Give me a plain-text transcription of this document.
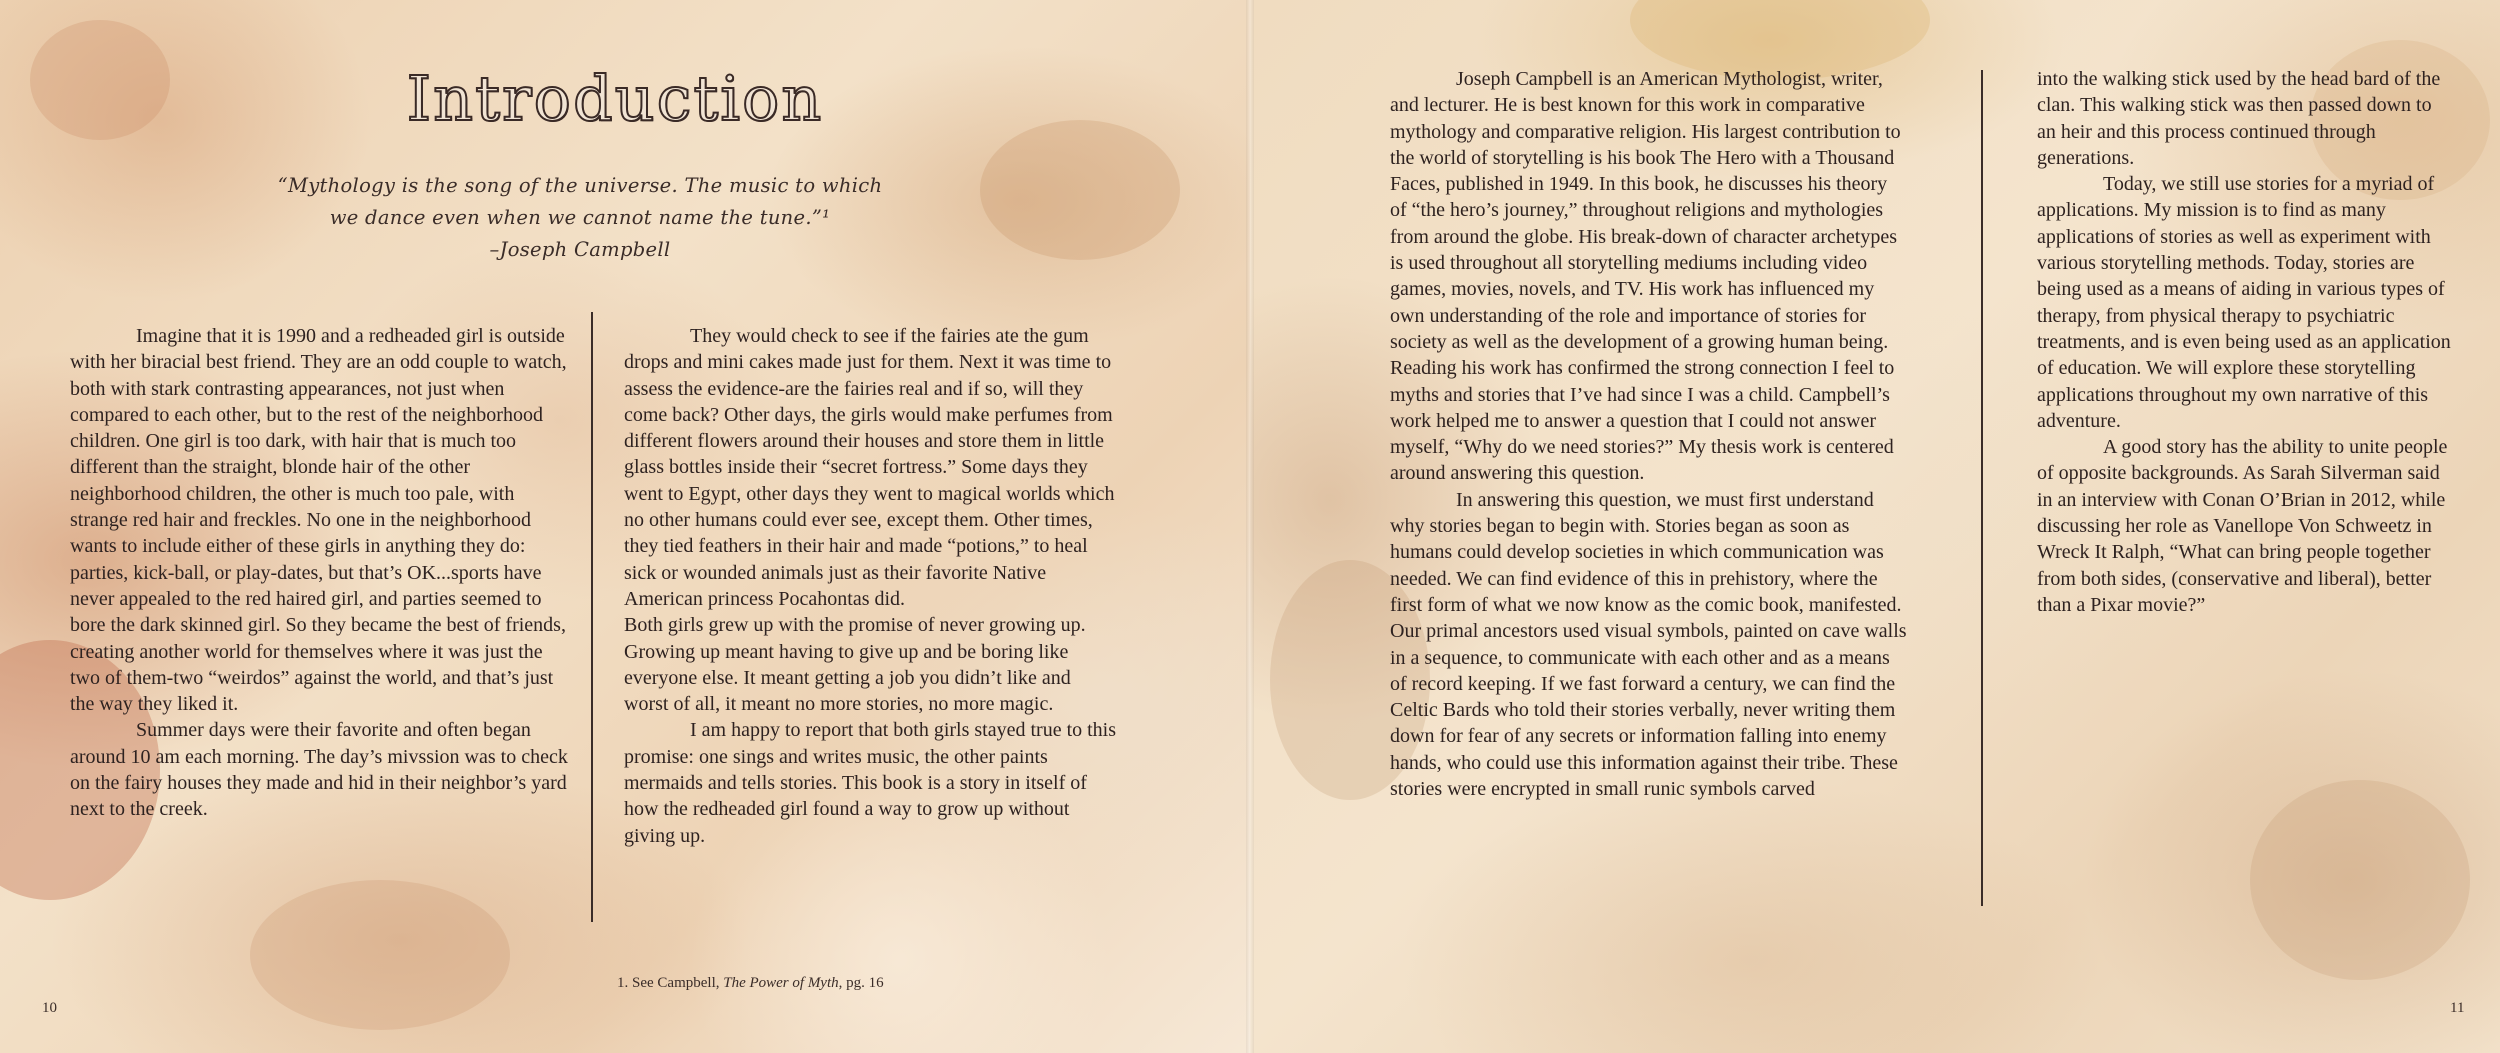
Introduction
“Mythology is the song of the universe. The music to which
we dance even when we cannot name the tune.”¹
–Joseph Campbell

Imagine that it is 1990 and a redheaded girl is outside with her biracial best friend. They are an odd couple to watch, both with stark contrasting appearances, not just when compared to each other, but to the rest of the neighborhood children. One girl is too dark, with hair that is much too different than the straight, blonde hair of the other neighborhood children, the other is much too pale, with strange red hair and freckles. No one in the neighborhood wants to include either of these girls in anything they do: parties, kick-ball, or play-dates, but that’s OK...sports have never appealed to the red haired girl, and parties seemed to bore the dark skinned girl. So they became the best of friends, creating another world for themselves where it was just the two of them-two “weirdos” against the world, and that’s just the way they liked it.

Summer days were their favorite and often began around 10 am each morning. The day’s mivssion was to check on the fairy houses they made and hid in their neighbor’s yard next to the creek.

They would check to see if the fairies ate the gum drops and mini cakes made just for them. Next it was time to assess the evidence-are the fairies real and if so, will they come back? Other days, the girls would make perfumes from different flowers around their houses and store them in little glass bottles inside their “secret fortress.” Some days they went to Egypt, other days they went to magical worlds which no other humans could ever see, except them. Other times, they tied feathers in their hair and made “potions,” to heal sick or wounded animals just as their favorite Native American princess Pocahontas did.

Both girls grew up with the promise of never growing up. Growing up meant having to give up and be boring like everyone else. It meant getting a job you didn’t like and worst of all, it meant no more stories, no more magic.

I am happy to report that both girls stayed true to this promise: one sings and writes music, the other paints mermaids and tells stories. This book is a story in itself of how the redheaded girl found a way to grow up without giving up.

1. See Campbell, The Power of Myth, pg. 16
10

Joseph Campbell is an American Mythologist, writer, and lecturer. He is best known for this work in comparative mythology and comparative religion. His largest contribution to the world of storytelling is his book The Hero with a Thousand Faces, published in 1949. In this book, he discusses his theory of “the hero’s journey,” throughout religions and mythologies from around the globe. His break-down of character archetypes is used throughout all storytelling mediums including video games, movies, novels, and TV. His work has influenced my own understanding of the role and importance of stories for society as well as the development of a growing human being. Reading his work has confirmed the strong connection I feel to myths and stories that I’ve had since I was a child. Campbell’s work helped me to answer a question that I could not answer myself, “Why do we need stories?” My thesis work is centered around answering this question.

In answering this question, we must first understand why stories began to begin with. Stories began as soon as humans could develop societies in which communication was needed. We can find evidence of this in prehistory, where the first form of what we now know as the comic book, manifested. Our primal ancestors used visual symbols, painted on cave walls in a sequence, to communicate with each other and as a means of record keeping. If we fast forward a century, we can find the Celtic Bards who told their stories verbally, never writing them down for fear of any secrets or information falling into enemy hands, who could use this information against their tribe. These stories were encrypted in small runic symbols carved

into the walking stick used by the head bard of the clan. This walking stick was then passed down to an heir and this process continued through generations.

Today, we still use stories for a myriad of applications. My mission is to find as many applications of stories as well as experiment with various storytelling methods. Today, stories are being used as a means of aiding in various types of therapy, from physical therapy to psychiatric treatments, and is even being used as an application of education. We will explore these storytelling applications throughout my own narrative of this adventure.

A good story has the ability to unite people of opposite backgrounds. As Sarah Silverman said in an interview with Conan O’Brian in 2012, while discussing her role as Vanellope Von Schweetz in Wreck It Ralph, “What can bring people together from both sides, (conservative and liberal), better than a Pixar movie?”

11
